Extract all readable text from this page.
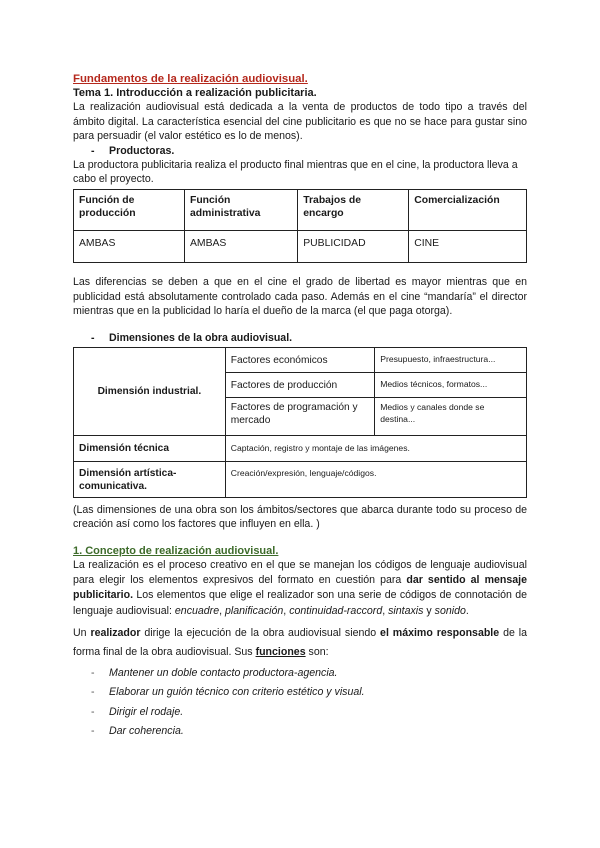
Fundamentos de la realización audiovisual.
Tema 1. Introducción a realización publicitaria.

La realización audiovisual está dedicada a la venta de productos de todo tipo a través del ámbito digital. La característica esencial del cine publicitario es que no se hace para gustar sino para persuadir (el valor estético es lo de menos).

-	Productoras.

La productora publicitaria realiza el producto final mientras que en el cine, la productora lleva a cabo el proyecto.

Función de producción	Función administrativa	Trabajos de encargo	Comercialización
AMBAS	AMBAS	PUBLICIDAD	CINE

Las diferencias se deben a que en el cine el grado de libertad es mayor mientras que en publicidad está absolutamente controlado cada paso. Además en el cine “mandaría” el director mientras que en la publicidad lo haría el dueño de la marca (el que paga otorga).

-	Dimensiones de la obra audiovisual.
Dimensión industrial.	Factores económicos	Presupuesto, infraestructura...
	Factores de producción	Medios técnicos, formatos...
	Factores de programación y mercado	Medios y canales donde se destina...
Dimensión técnica	Captación, registro y montaje de las imágenes.	
Dimensión artística-comunicativa.	Creación/expresión, lenguaje/códigos.	

(Las dimensiones de una obra son los ámbitos/sectores que abarca durante todo su proceso de creación así como los factores que influyen en ella. )

1. Concepto de realización audiovisual.

La realización es el proceso creativo en el que se manejan los códigos de lenguaje audiovisual para elegir los elementos expresivos del formato en cuestión para dar sentido al mensaje publicitario. Los elementos que elige el realizador son una serie de códigos de connotación de lenguaje audiovisual: encuadre, planificación, continuidad-raccord, sintaxis y sonido.

Un realizador dirige la ejecución de la obra audiovisual siendo el máximo responsable de la forma final de la obra audiovisual. Sus funciones son:

-	Mantener un doble contacto productora-agencia.
-	Elaborar un guión técnico con criterio estético y visual.
-	Dirigir el rodaje.
-	Dar coherencia.
